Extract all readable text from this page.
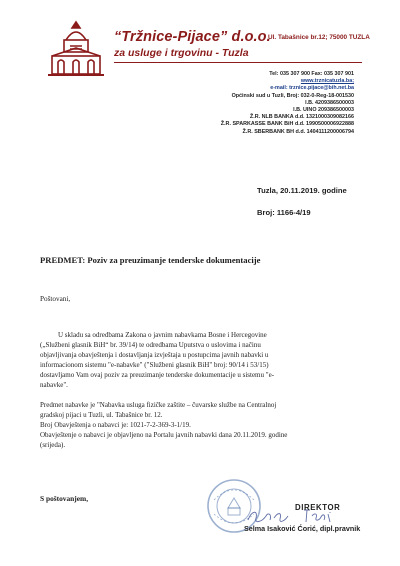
“Tržnice-Pijace” d.o.o.
Ul. Tabašnice br.12; 75000 TUZLA
za usluge i trgovinu - Tuzla
Tel: 035 307 900 Fax: 035 307 901
www.trznicatuzla.ba;
e-mail: trznice.pijace@bih.net.ba
Općinski sud u Tuzli, Broj: 032-0-Reg-18-001530
I.B. 4209386500003
I.B. UINO 209386500003
Ž.R. NLB BANKA d.d. 1321000309082166
Ž.R. SPARKASSE BANK BiH d.d. 1990500006922888
Ž.R. SBERBANK BH d.d. 1404111200006794
Tuzla, 20.11.2019. godine
Broj: 1166-4/19
PREDMET: Poziv za preuzimanje tenderske dokumentacije
Poštovani,
U skladu sa odredbama Zakona o javnim nabavkama Bosne i Hercegovine
(„Službeni glasnik BiH“ br. 39/14) te odredbama Uputstva o uslovima i načinu
objavljivanja obavještenja i dostavljanja izvještaja u postupcima javnih nabavki u
informacionom sistemu "e-nabavke" ("Službeni glasnik BiH" broj: 90/14 i 53/15)
dostavljamo Vam ovaj poziv za preuzimanje tenderske dokumentacije u sistemu "e-
nabavke".
Predmet nabavke je "Nabavka usluga fizičke zaštite – čuvarske službe na Centralnoj
gradskoj pijaci u Tuzli, ul. Tabašnice br. 12.
Broj Obavještenja o nabavci je: 1021-7-2-369-3-1/19.
Obavještenje o nabavci je objavljeno na Portalu javnih nabavki dana 20.11.2019. godine
(srijeda).
S poštovanjem,
DIREKTOR
Selma Isaković Ćorić, dipl.pravnik
